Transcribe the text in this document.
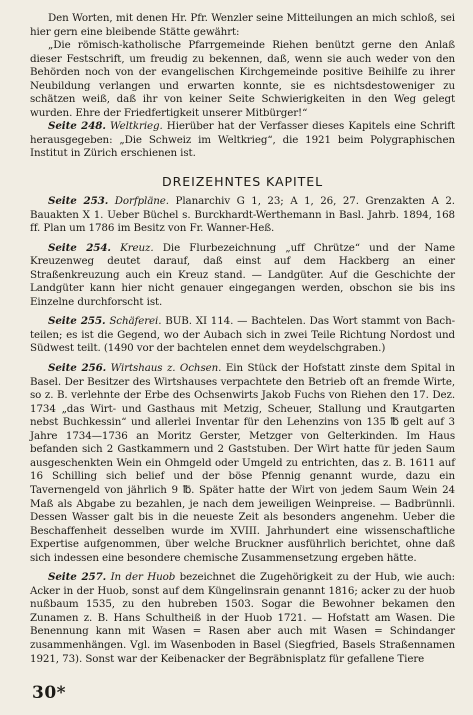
Den Worten, mit denen Hr. Pfr. Wenzler seine Mitteilungen an mich schloß, sei hier gern eine bleibende Stätte gewährt:

„Die römisch-katholische Pfarrgemeinde Riehen benützt gerne den Anlaß dieser Festschrift, um freudig zu bekennen, daß, wenn sie auch weder von den Behörden noch von der evangelischen Kirchgemeinde positive Beihilfe zu ihrer Neubildung verlangen und erwarten konnte, sie es nichtsdestoweniger zu schätzen weiß, daß ihr von keiner Seite Schwierigkeiten in den Weg gelegt wurden. Ehre der Friedfertigkeit unserer Mitbürger!“

Seite 248. Weltkrieg. Hierüber hat der Verfasser dieses Kapitels eine Schrift herausgegeben: „Die Schweiz im Weltkrieg“, die 1921 beim Polygraphischen Institut in Zürich erschienen ist.

DREIZEHNTES KAPITEL

Seite 253. Dorfpläne. Planarchiv G 1, 23; A 1, 26, 27. Grenzakten A 2. Bauakten X 1. Ueber Büchel s. Burckhardt-Werthemann in Basl. Jahrb. 1894, 168 ff. Plan um 1786 im Besitz von Fr. Wanner-Heß.

Seite 254. Kreuz. Die Flurbezeichnung „uff Chrütze“ und der Name Kreuzenweg deutet darauf, daß einst auf dem Hackberg an einer Straßenkreuzung auch ein Kreuz stand. — Landgüter. Auf die Geschichte der Landgüter kann hier nicht genauer eingegangen werden, obschon sie bis ins Einzelne durchforscht ist.

Seite 255. Schäferei. BUB. XI 114. — Bachtelen. Das Wort stammt von Bach-teilen; es ist die Gegend, wo der Aubach sich in zwei Teile Richtung Nordost und Südwest teilt. (1490 vor der bachtelen ennet dem weydelschgraben.)

Seite 256. Wirtshaus z. Ochsen. Ein Stück der Hofstatt zinste dem Spital in Basel. Der Besitzer des Wirtshauses verpachtete den Betrieb oft an fremde Wirte, so z. B. verlehnte der Erbe des Ochsenwirts Jakob Fuchs von Riehen den 17. Dez. 1734 „das Wirt- und Gasthaus mit Metzig, Scheuer, Stallung und Krautgarten nebst Buchkessin“ und allerlei Inventar für den Lehenzins von 135 ℔ gelt auf 3 Jahre 1734—1736 an Moritz Gerster, Metzger von Gelterkinden. Im Haus befanden sich 2 Gastkammern und 2 Gaststuben. Der Wirt hatte für jeden Saum ausgeschenkten Wein ein Ohmgeld oder Umgeld zu entrichten, das z. B. 1611 auf 16 Schilling sich belief und der böse Pfennig genannt wurde, dazu ein Tavernengeld von jährlich 9 ℔. Später hatte der Wirt von jedem Saum Wein 24 Maß als Abgabe zu bezahlen, je nach dem jeweiligen Weinpreise. — Badbrünnli. Dessen Wasser galt bis in die neueste Zeit als besonders angenehm. Ueber die Beschaffenheit desselben wurde im XVIII. Jahrhundert eine wissenschaftliche Expertise aufgenommen, über welche Bruckner ausführlich berichtet, ohne daß sich indessen eine besondere chemische Zusammensetzung ergeben hätte.

Seite 257. In der Huob bezeichnet die Zugehörigkeit zu der Hub, wie auch: Acker in der Huob, sonst auf dem Küngelinsrain genannt 1816; acker zu der huob nußbaum 1535, zu den hubreben 1503. Sogar die Bewohner bekamen den Zunamen z. B. Hans Schultheiß in der Huob 1721. — Hofstatt am Wasen. Die Benennung kann mit Wasen = Rasen aber auch mit Wasen = Schindanger zusammenhängen. Vgl. im Wasenboden in Basel (Siegfried, Basels Straßennamen 1921, 73). Sonst war der Keibenacker der Begräbnisplatz für gefallene Tiere

30*
